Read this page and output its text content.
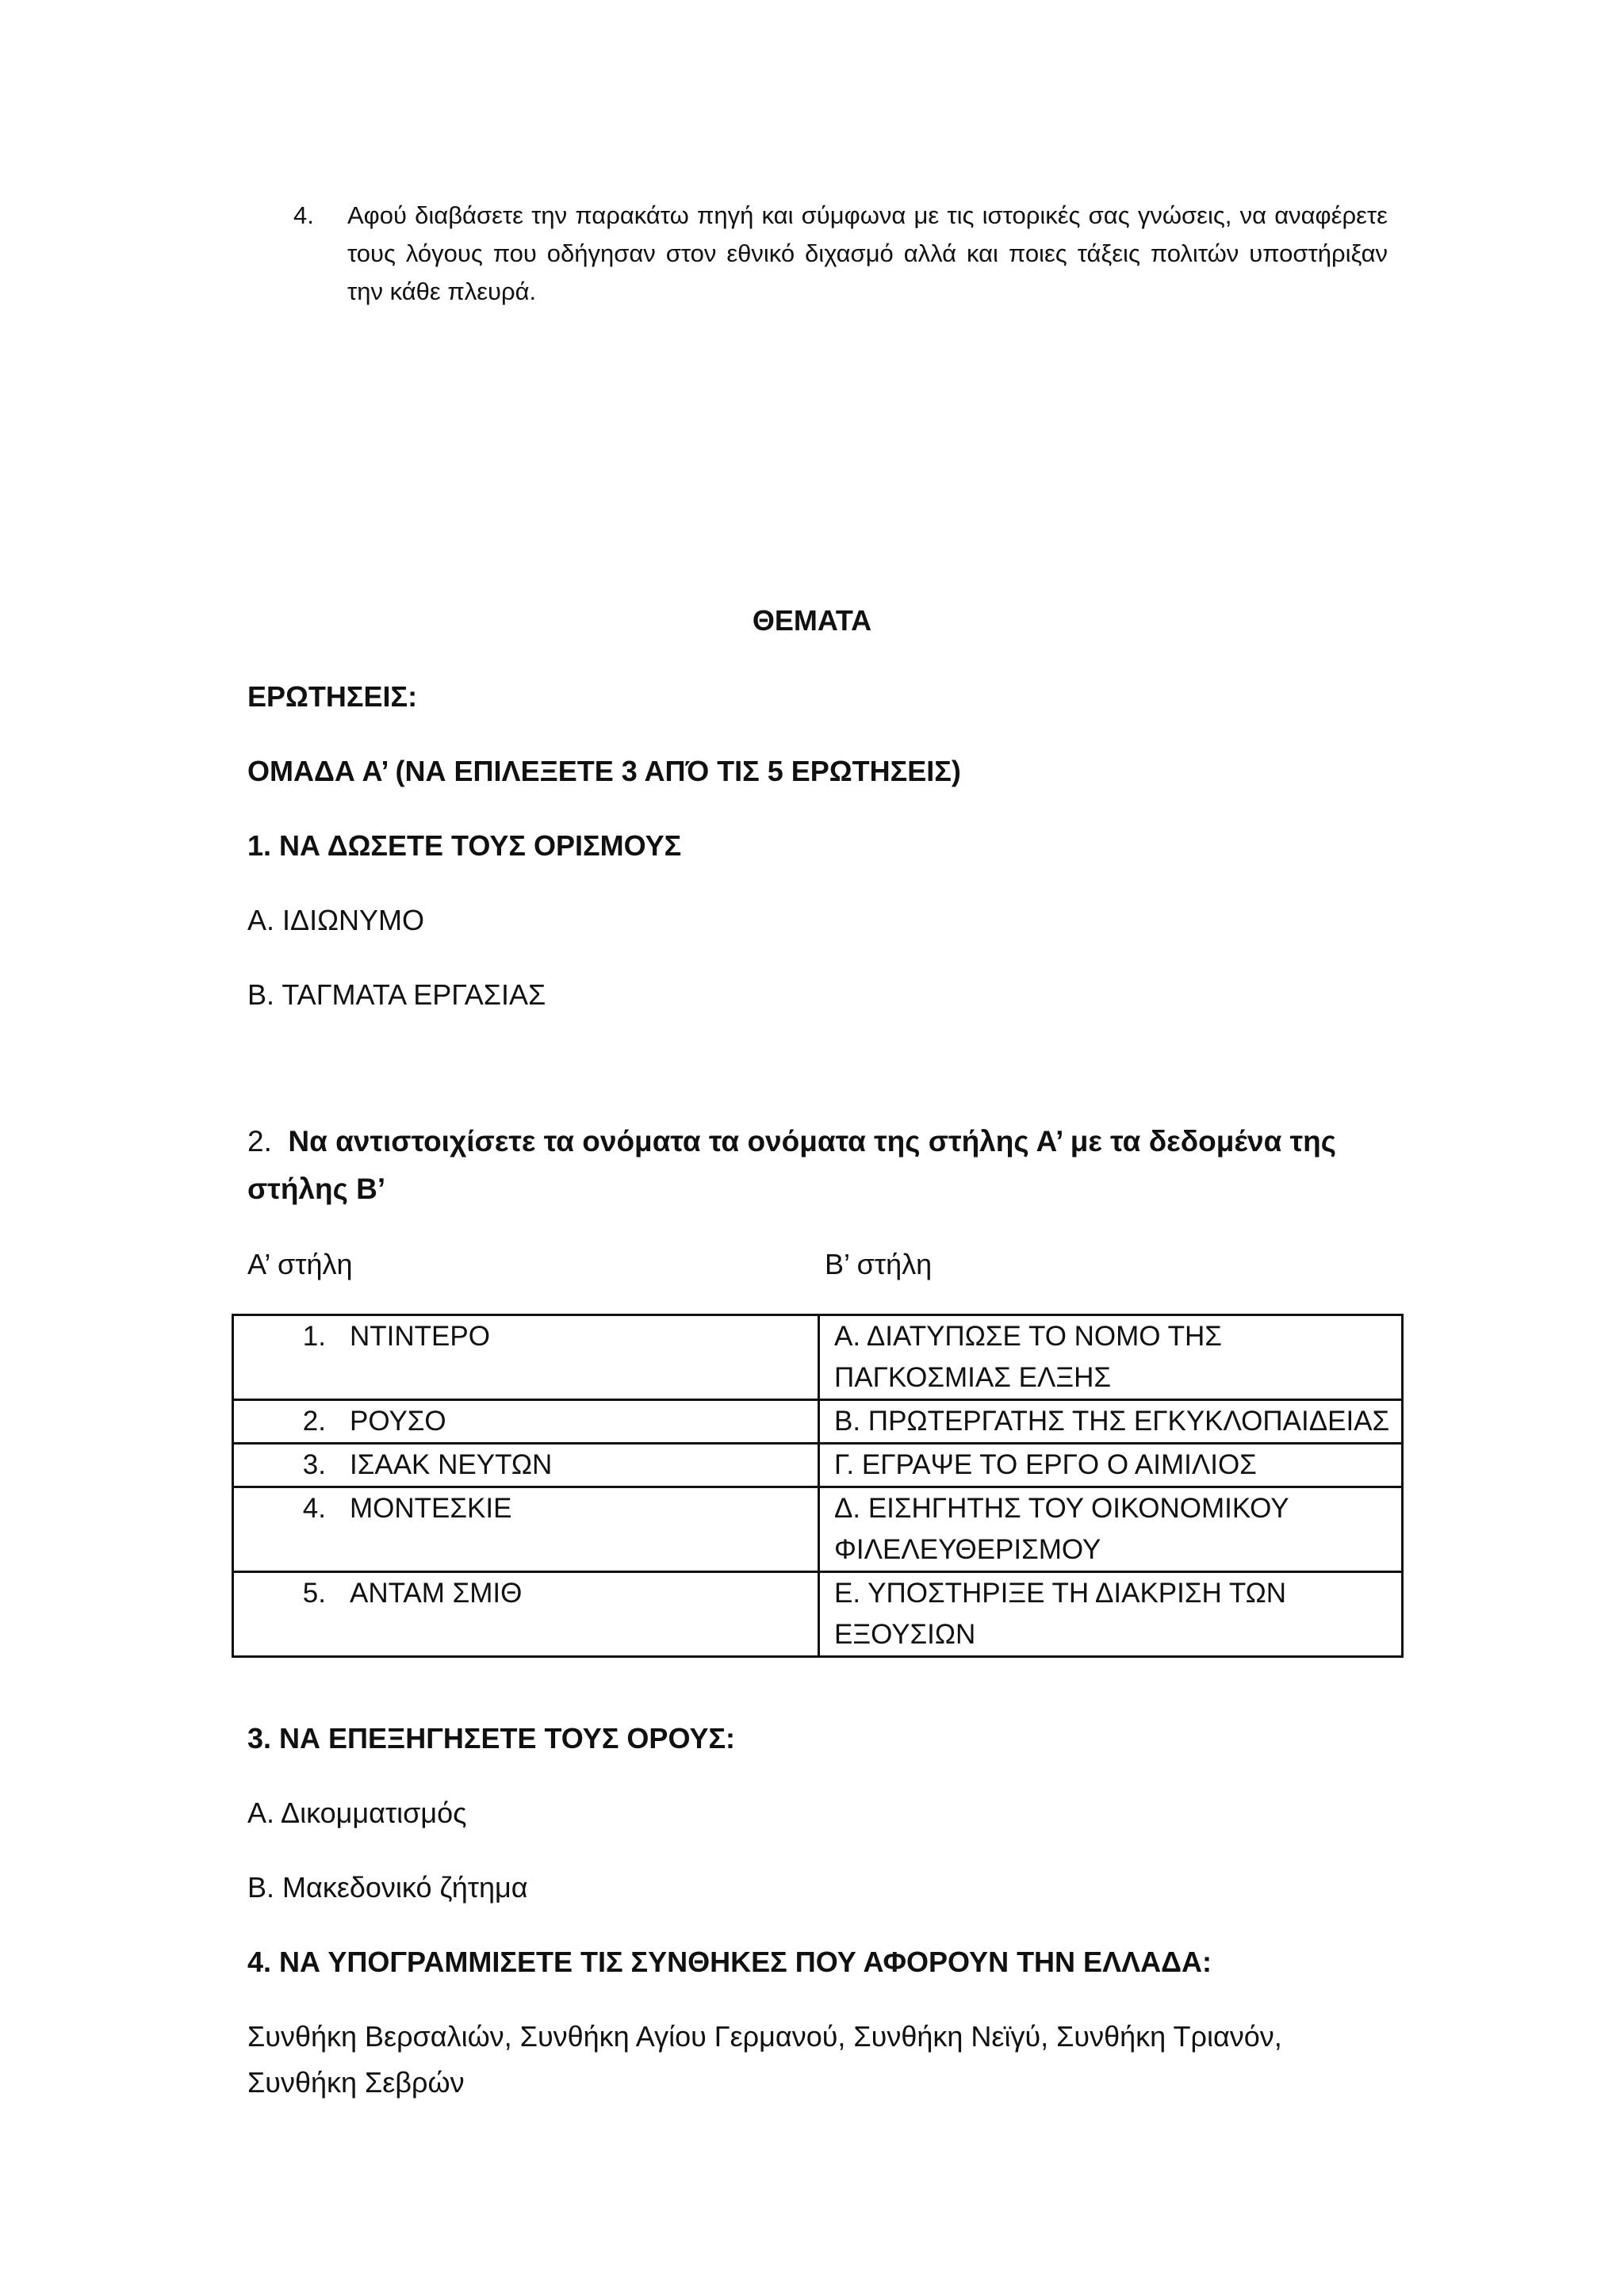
4. Αφού διαβάσετε την παρακάτω πηγή και σύμφωνα με τις ιστορικές σας γνώσεις, να αναφέρετε τους λόγους που οδήγησαν στον εθνικό διχασμό αλλά και ποιες τάξεις πολιτών υποστήριξαν την κάθε πλευρά.
ΘΕΜΑΤΑ
ΕΡΩΤΗΣΕΙΣ:
ΟΜΑΔΑ Α’ (ΝΑ ΕΠΙΛΕΞΕΤΕ 3 ΑΠΌ ΤΙΣ 5 ΕΡΩΤΗΣΕΙΣ)
1. ΝΑ ΔΩΣΕΤΕ ΤΟΥΣ ΟΡΙΣΜΟΥΣ
Α. ΙΔΙΩΝΥΜΟ
Β. ΤΑΓΜΑΤΑ ΕΡΓΑΣΙΑΣ
2. Να αντιστοιχίσετε τα ονόματα τα ονόματα της στήλης Α’ με τα δεδομένα της στήλης Β’
Α’ στήλη	Β’ στήλη
1. ΝΤΙΝΤΕΡΟ	Α. ΔΙΑΤΥΠΩΣΕ ΤΟ ΝΟΜΟ ΤΗΣ ΠΑΓΚΟΣΜΙΑΣ ΕΛΞΗΣ
2. ΡΟΥΣΟ	Β. ΠΡΩΤΕΡΓΑΤΗΣ ΤΗΣ ΕΓΚΥΚΛΟΠΑΙΔΕΙΑΣ
3. ΙΣΑΑΚ ΝΕΥΤΩΝ	Γ. ΕΓΡΑΨΕ ΤΟ ΕΡΓΟ Ο ΑΙΜΙΛΙΟΣ
4. ΜΟΝΤΕΣΚΙΕ	Δ. ΕΙΣΗΓΗΤΗΣ ΤΟΥ ΟΙΚΟΝΟΜΙΚΟΥ ΦΙΛΕΛΕΥΘΕΡΙΣΜΟΥ
5. ΑΝΤΑΜ ΣΜΙΘ	Ε. ΥΠΟΣΤΗΡΙΞΕ ΤΗ ΔΙΑΚΡΙΣΗ ΤΩΝ ΕΞΟΥΣΙΩΝ
3. ΝΑ ΕΠΕΞΗΓΗΣΕΤΕ ΤΟΥΣ ΟΡΟΥΣ:
Α. Δικομματισμός
Β. Μακεδονικό ζήτημα
4. ΝΑ ΥΠΟΓΡΑΜΜΙΣΕΤΕ ΤΙΣ ΣΥΝΘΗΚΕΣ ΠΟΥ ΑΦΟΡΟΥΝ ΤΗΝ ΕΛΛΑΔΑ:
Συνθήκη Βερσαλιών, Συνθήκη Αγίου Γερμανού, Συνθήκη Νεϊγύ, Συνθήκη Τριανόν, Συνθήκη Σεβρών
